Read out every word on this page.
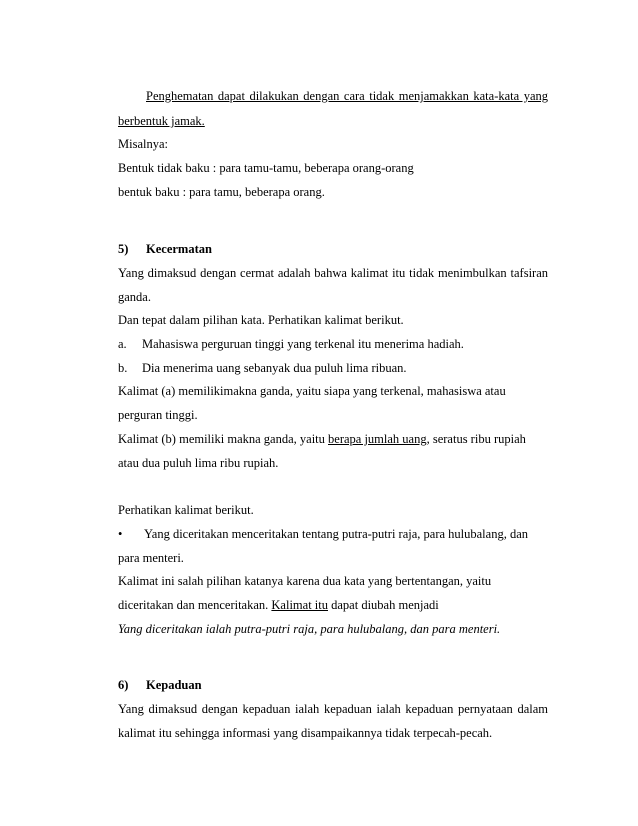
Penghematan dapat dilakukan dengan cara tidak menjamakkan kata-kata yang
berbentuk jamak.
Misalnya:
Bentuk tidak baku : para tamu-tamu, beberapa orang-orang
bentuk baku : para tamu, beberapa orang.
5) Kecermatan
Yang dimaksud dengan cermat adalah bahwa kalimat itu tidak menimbulkan tafsiran
ganda.
Dan tepat dalam pilihan kata. Perhatikan kalimat berikut.
a. Mahasiswa perguruan tinggi yang terkenal itu menerima hadiah.
b. Dia menerima uang sebanyak dua puluh lima ribuan.
Kalimat (a) memilikimakna ganda, yaitu siapa yang terkenal, mahasiswa atau
perguran tinggi.
Kalimat (b) memiliki makna ganda, yaitu berapa jumlah uang, seratus ribu rupiah
atau dua puluh lima ribu rupiah.
Perhatikan kalimat berikut.
• Yang diceritakan menceritakan tentang putra-putri raja, para hulubalang, dan
para menteri.
Kalimat ini salah pilihan katanya karena dua kata yang bertentangan, yaitu
diceritakan dan menceritakan. Kalimat itu dapat diubah menjadi
Yang diceritakan ialah putra-putri raja, para hulubalang, dan para menteri.
6) Kepaduan
Yang dimaksud dengan kepaduan ialah kepaduan ialah kepaduan pernyataan dalam
kalimat itu sehingga informasi yang disampaikannya tidak terpecah-pecah.
